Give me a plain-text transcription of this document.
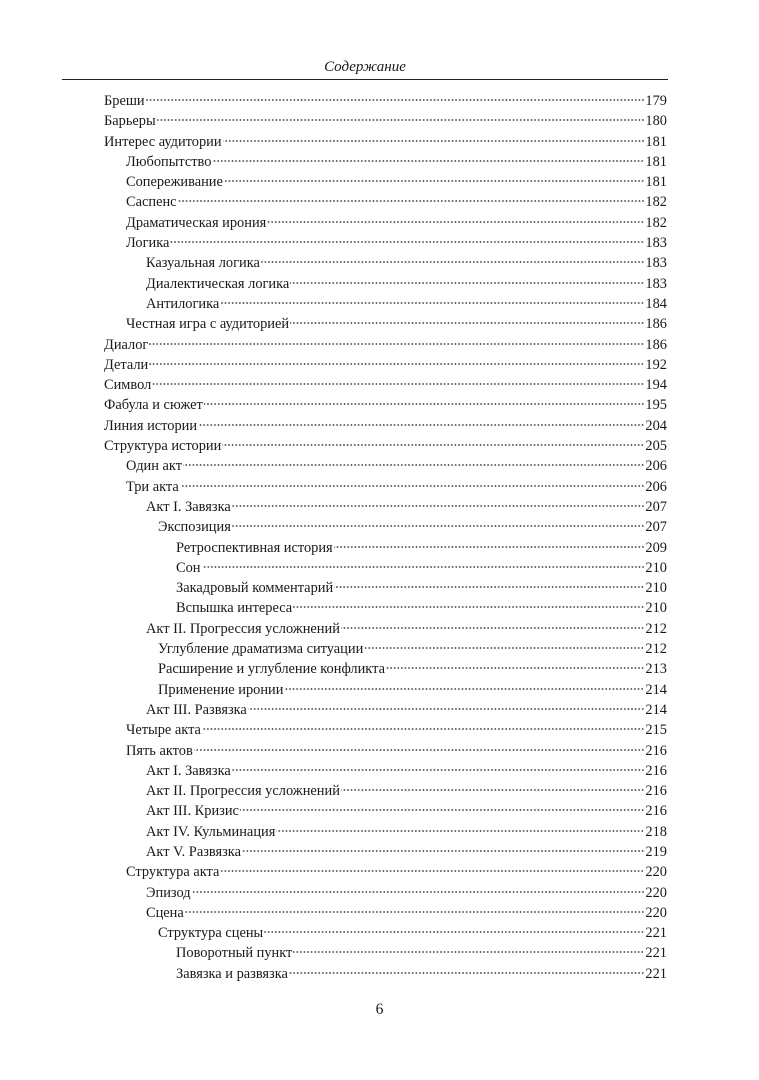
Содержание
Бреши	179
Барьеры	180
Интерес аудитории	181
Любопытство	181
Сопереживание	181
Саспенс	182
Драматическая ирония	182
Логика	183
Казуальная логика	183
Диалектическая логика	183
Антилогика	184
Честная игра с аудиторией	186
Диалог	186
Детали	192
Символ	194
Фабула и сюжет	195
Линия истории	204
Структура истории	205
Один акт	206
Три акта	206
Акт I. Завязка	207
Экспозиция	207
Ретроспективная история	209
Сон	210
Закадровый комментарий	210
Вспышка интереса	210
Акт II. Прогрессия усложнений	212
Углубление драматизма ситуации	212
Расширение и углубление конфликта	213
Применение иронии	214
Акт III. Развязка	214
Четыре акта	215
Пять актов	216
Акт I. Завязка	216
Акт II. Прогрессия усложнений	216
Акт III. Кризис	216
Акт IV. Кульминация	218
Акт V. Развязка	219
Структура акта	220
Эпизод	220
Сцена	220
Структура сцены	221
Поворотный пункт	221
Завязка и развязка	221
6
